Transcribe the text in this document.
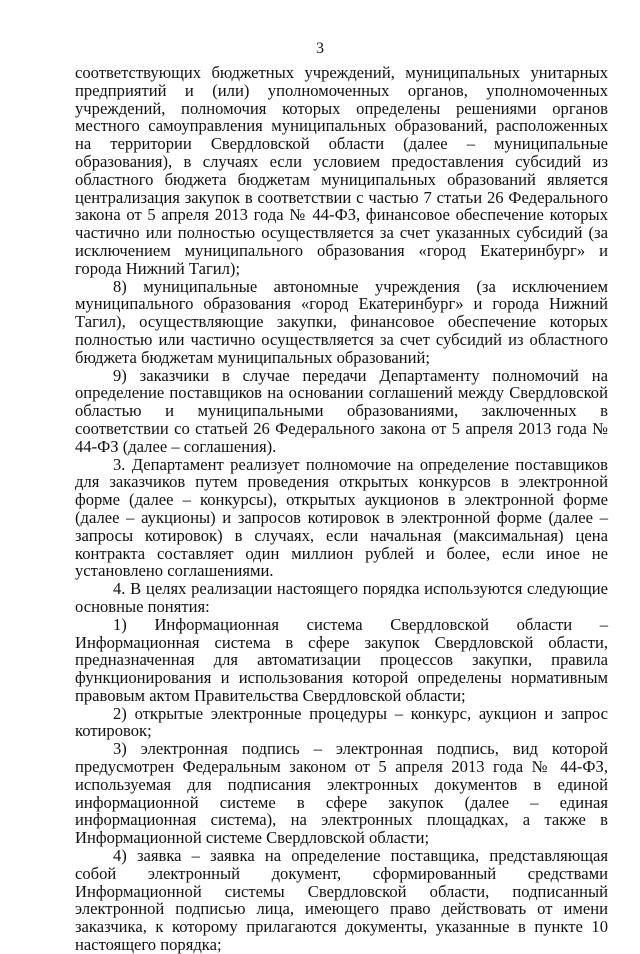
3

соответствующих бюджетных учреждений, муниципальных унитарных предприятий и (или) уполномоченных органов, уполномоченных учреждений, полномочия которых определены решениями органов местного самоуправления муниципальных образований, расположенных на территории Свердловской области (далее – муниципальные образования), в случаях если условием предоставления субсидий из областного бюджета бюджетам муниципальных образований является централизация закупок в соответствии с частью 7 статьи 26 Федерального закона от 5 апреля 2013 года № 44-ФЗ, финансовое обеспечение которых частично или полностью осуществляется за счет указанных субсидий (за исключением муниципального образования «город Екатеринбург» и города Нижний Тагил);

8) муниципальные автономные учреждения (за исключением муниципального образования «город Екатеринбург» и города Нижний Тагил), осуществляющие закупки, финансовое обеспечение которых полностью или частично осуществляется за счет субсидий из областного бюджета бюджетам муниципальных образований;

9) заказчики в случае передачи Департаменту полномочий на определение поставщиков на основании соглашений между Свердловской областью и муниципальными образованиями, заключенных в соответствии со статьей 26 Федерального закона от 5 апреля 2013 года № 44-ФЗ (далее – соглашения).

3. Департамент реализует полномочие на определение поставщиков для заказчиков путем проведения открытых конкурсов в электронной форме (далее – конкурсы), открытых аукционов в электронной форме (далее – аукционы) и запросов котировок в электронной форме (далее – запросы котировок) в случаях, если начальная (максимальная) цена контракта составляет один миллион рублей и более, если иное не установлено соглашениями.

4. В целях реализации настоящего порядка используются следующие основные понятия:

1) Информационная система Свердловской области – Информационная система в сфере закупок Свердловской области, предназначенная для автоматизации процессов закупки, правила функционирования и использования которой определены нормативным правовым актом Правительства Свердловской области;

2) открытые электронные процедуры – конкурс, аукцион и запрос котировок;

3) электронная подпись – электронная подпись, вид которой предусмотрен Федеральным законом от 5 апреля 2013 года № 44-ФЗ, используемая для подписания электронных документов в единой информационной системе в сфере закупок (далее – единая информационная система), на электронных площадках, а также в Информационной системе Свердловской области;

4) заявка – заявка на определение поставщика, представляющая собой электронный документ, сформированный средствами Информационной системы Свердловской области, подписанный электронной подписью лица, имеющего право действовать от имени заказчика, к которому прилагаются документы, указанные в пункте 10 настоящего порядка;
